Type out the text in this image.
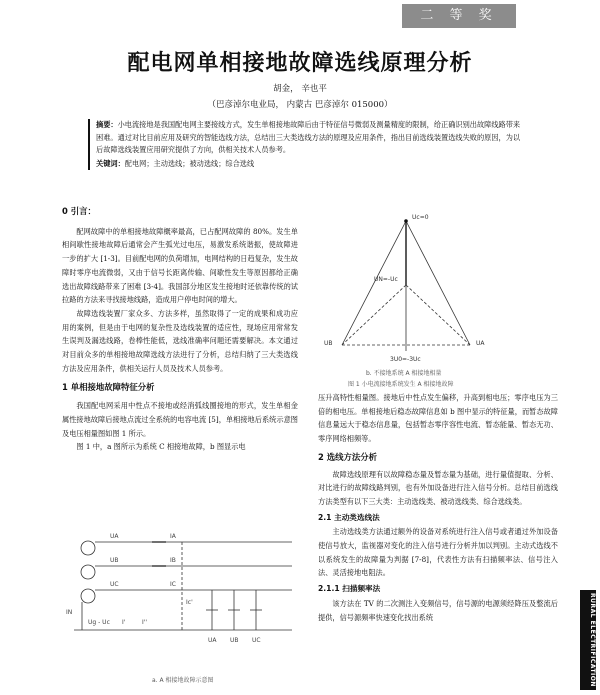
二 等 奖
配电网单相接地故障选线原理分析
胡金， 辛也平
（巴彦淖尔电业局， 内蒙古 巴彦淖尔 015000）
摘要：小电流接地是我国配电网主要接线方式，发生单相接地故障后由于特征信号微弱及测量精度的限制，给正确识别出故障线路带来困难。通过对比目前应用及研究的智能选线方法，总结出三大类选线方法的原理及应用条件，指出目前选线装置选线失败的原因，为以后故障选线装置应用研究提供了方向，供相关技术人员参考。
关键词：配电网；主动选线；被动选线；综合选线
0 引言：

配网故障中的单相接地故障概率最高，已占配网故障的 80%。发生单相间歇性接地故障后通常会产生弧光过电压，易激发系统谐振，使故障进一步的扩大 [1-3]。目前配电网的负荷增加，电网结构的日趋复杂，发生故障时零序电流微弱，又由于信号长距离传输、间歇性发生等原因都给正确选出故障线路带来了困难 [3-4]。我国部分地区发生接地时还依靠传统的试拉路的方法来寻找接地线路，造成用户停电时间的增大。

故障选线装置厂家众多、方法多样，虽然取得了一定的成果和成功应用的案例，但是由于电网的复杂性及选线装置的适应性，现场应用常常发生误判及漏选线路，卷棒性能低，选线准确率问题还需要解决。本文通过对目前众多的单相接地故障选线方法进行了分析，总结归纳了三大类选线方法及应用条件，供相关运行人员及技术人员参考。

1 单相接地故障特征分析

我国配电网采用中性点不接地或经消弧线圈接地的形式，发生单相金属性接地故障后接地点流过全系统的电容电流 [5]，单相接地后系统示意图及电压相量图如图 1 所示。

图 1 中，a 图所示为系统 C 相接地故障，b 图显示电

UA
UB
UC
IA
IB
IC
Ic'
IN
Ug - Uc I'	I''
UA UB UC
a. A 相接地故障示意图
Uc=0
UA
UB
UN=-Uc
3U0=-3Uc
b. 不接地系统 A 相接地相量
图 1 小电流接地系统发生 A 相接地故障

压升高特性相量图。接地后中性点发生偏移，升高到相电压；零序电压为三倍的相电压。单相接地后稳态故障信息如 b 图中显示的特征量，而暂态故障信息量远大于稳态信息量，包括暂态零序容性电流、暂态能量、暂态无功、零序网络相频等。

2 选线方法分析

故障选线原理有以故障稳态量及暂态量为基础，进行量值提取、分析、对比进行的故障线路判别，也有外加设备进行注入信号分析。总结目前选线方法类型有以下三大类：主动选线类、被动选线类、综合选线类。

2.1 主动类选线法

主动选线类方法通过额外的设备对系统进行注入信号或者通过外加设备使信号放大，监视器对变化的注入信号进行分析并加以判别。主动式选线不以系统发生的故障量为判据 [7-8]，代表性方法有扫描频率法、信号注入法、灵活接地电阻法。

2.1.1 扫描频率法

该方法在 TV 的二次测注入变频信号，信号源的电源须经降压及整流后提供，信号源频率快速变化找出系统	RURAL ELECTRIFICATION
